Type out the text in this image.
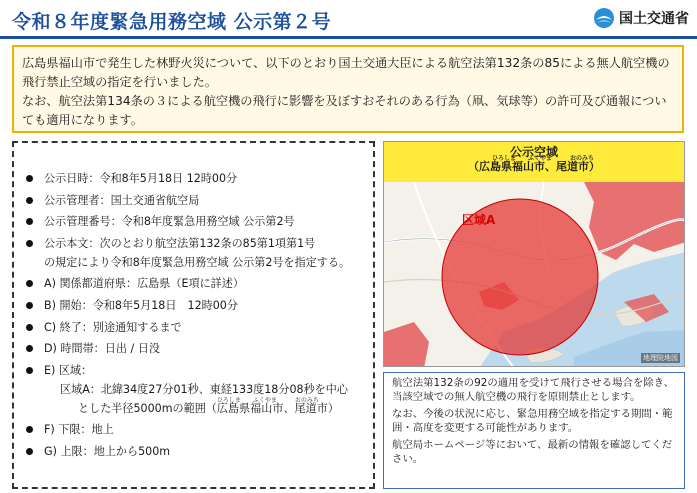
令和８年度緊急用務空域 公示第２号	国土交通省

広島県福山市で発生した林野火災について、以下のとおり国土交通大臣による航空法第132条の85による無人航空機の飛行禁止空域の指定を行いました。

なお、航空法第134条の３による航空機の飛行に影響を及ぼすおそれのある行為（凧、気球等）の許可及び通報についても適用になります。

公示日時：令和8年5月18日 12時00分
公示管理者：国土交通省航空局
公示管理番号：令和8年度緊急用務空域 公示第2号
公示本文：次のとおり航空法第132条の85第1項第1号
の規定により令和8年度緊急用務空域 公示第2号を指定する。
A) 関係都道府県：広島県（E項に詳述）
B) 開始：令和8年5月18日　12時00分
C) 終了：別途通知するまで
D) 時間帯：日出 / 日没
E) 区域：
区域A：北緯34度27分01秒、東経133度18分08秒を中心
とした半径5000mの範囲（
ひろしま　　ふくやま　　　おのみち
広島県福山市、尾道市）
F) 下限：地上
G) 上限：地上から500m
公示空域
ひろしま　　ふくやま　　　おのみち
（広島県福山市、尾道市）
区域A
地理院地図

航空法第132条の92の適用を受けて飛行させる場合を除き、当該空域での無人航空機の飛行を原則禁止とします。

なお、今後の状況に応じ、緊急用務空域を指定する期間・範囲・高度を変更する可能性があります。

航空局ホームページ等において、最新の情報を確認してください。
